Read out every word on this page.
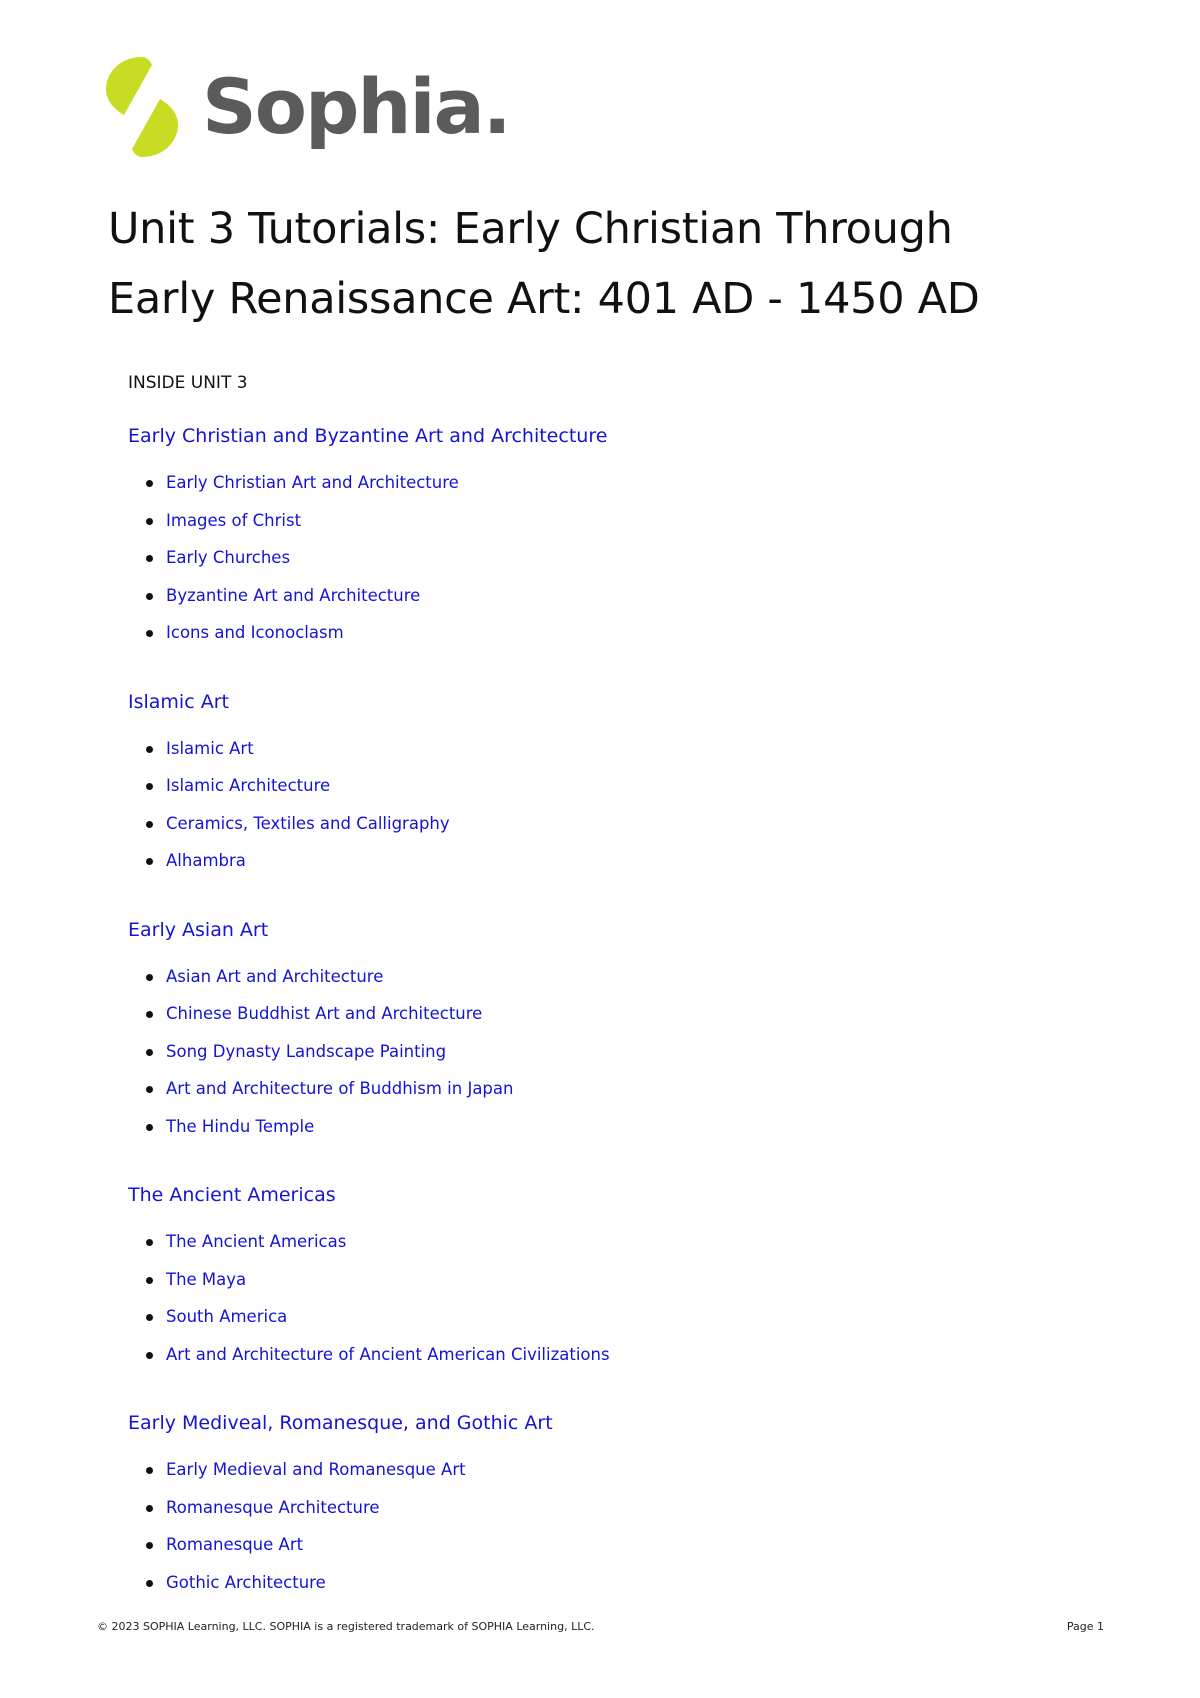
Sophia.
Unit 3 Tutorials: Early Christian Through
Early Renaissance Art: 401 AD - 1450 AD

INSIDE UNIT 3

Early Christian and Byzantine Art and Architecture
Early Christian Art and Architecture
Images of Christ
Early Churches
Byzantine Art and Architecture
Icons and Iconoclasm
Islamic Art
Islamic Art
Islamic Architecture
Ceramics, Textiles and Calligraphy
Alhambra
Early Asian Art
Asian Art and Architecture
Chinese Buddhist Art and Architecture
Song Dynasty Landscape Painting
Art and Architecture of Buddhism in Japan
The Hindu Temple
The Ancient Americas
The Ancient Americas
The Maya
South America
Art and Architecture of Ancient American Civilizations
Early Mediveal, Romanesque, and Gothic Art
Early Medieval and Romanesque Art
Romanesque Architecture
Romanesque Art
Gothic Architecture
© 2023 SOPHIA Learning, LLC. SOPHIA is a registered trademark of SOPHIA Learning, LLC.	Page 1
